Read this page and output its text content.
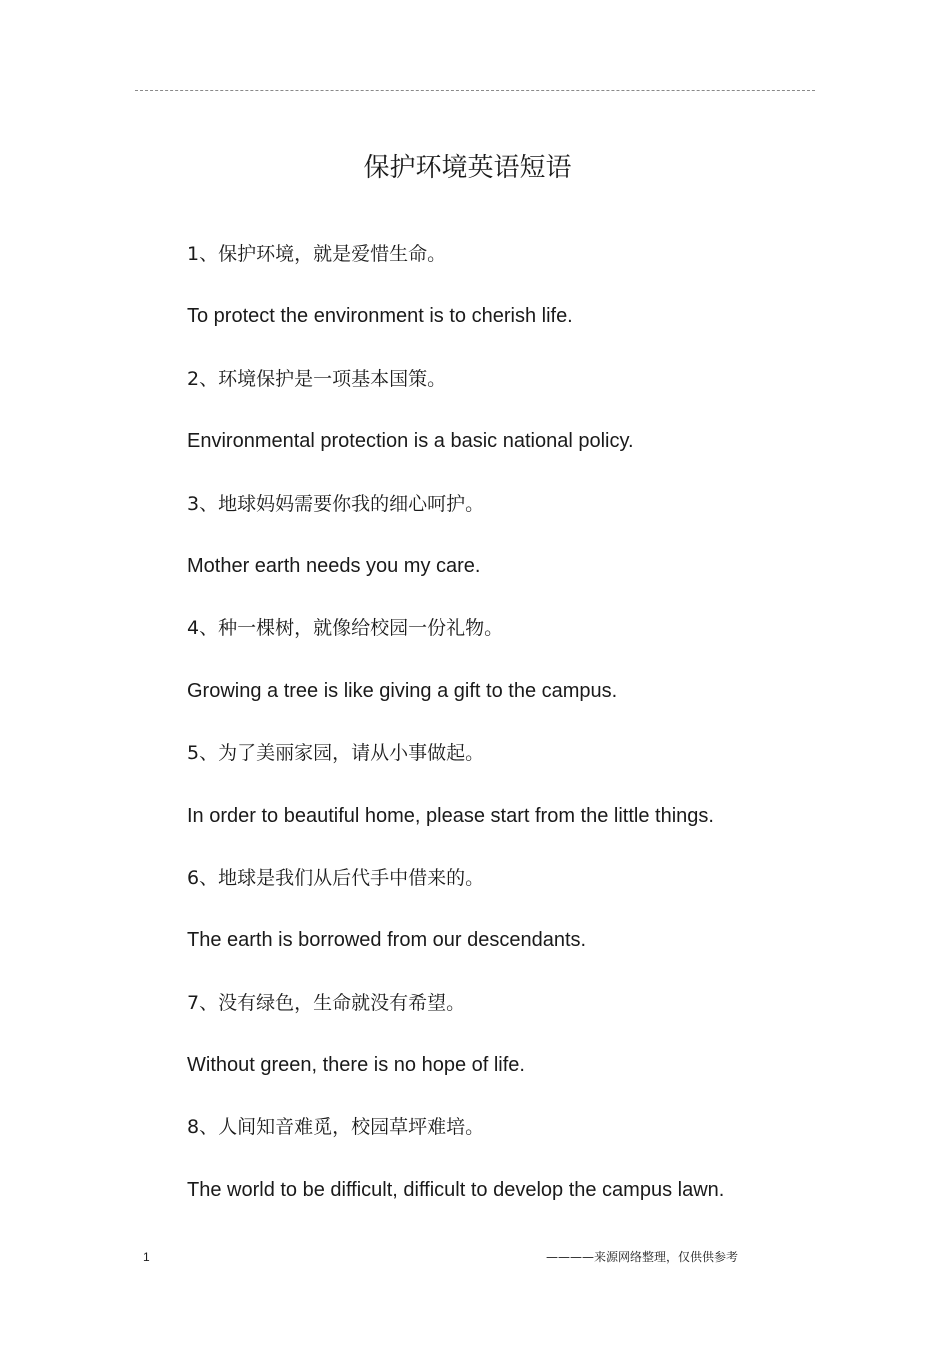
保护环境英语短语
1、保护环境，就是爱惜生命。
To protect the environment is to cherish life.
2、环境保护是一项基本国策。
Environmental protection is a basic national policy.
3、地球妈妈需要你我的细心呵护。
Mother earth needs you my care.
4、种一棵树，就像给校园一份礼物。
Growing a tree is like giving a gift to the campus.
5、为了美丽家园，请从小事做起。
In order to beautiful home, please start from the little things.
6、地球是我们从后代手中借来的。
The earth is borrowed from our descendants.
7、没有绿色，生命就没有希望。
Without green, there is no hope of life.
8、人间知音难觅，校园草坪难培。
The world to be difficult, difficult to develop the campus lawn.
1	————来源网络整理，仅供供参考
